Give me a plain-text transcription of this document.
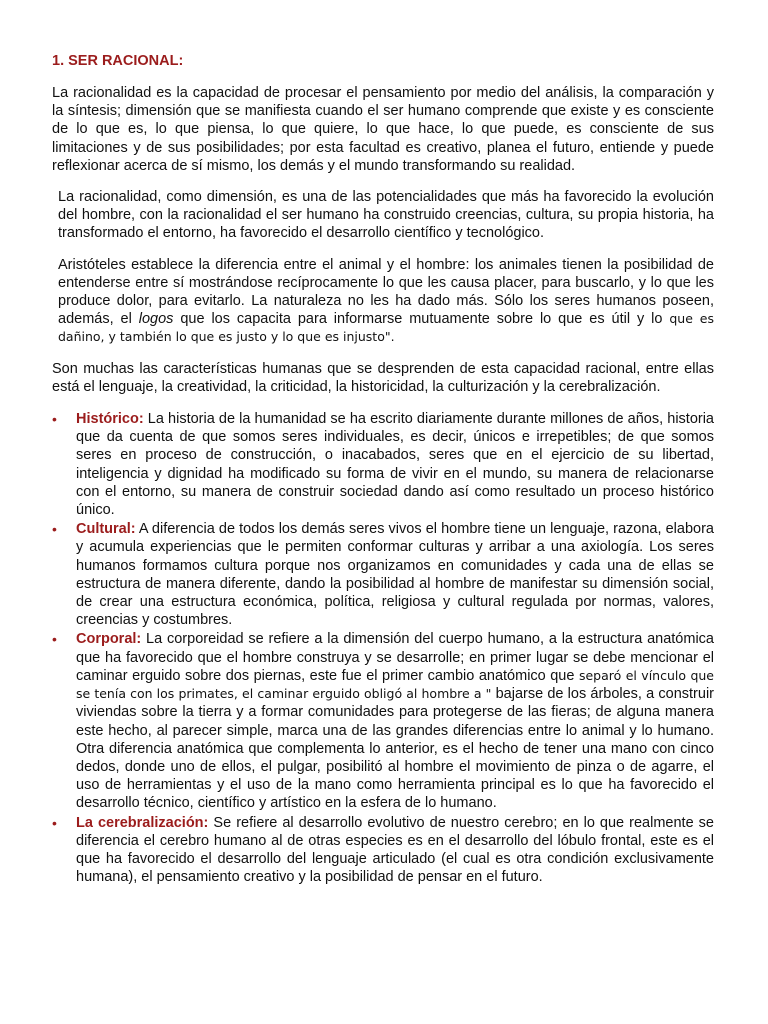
1. SER RACIONAL:

La racionalidad es la capacidad de procesar el pensamiento por medio del análisis, la comparación y la síntesis; dimensión que se manifiesta cuando el ser humano comprende que existe y es consciente de lo que es, lo que piensa, lo que quiere, lo que hace, lo que puede, es consciente de sus limitaciones y de sus posibilidades; por esta facultad es creativo, planea el futuro, entiende y puede reflexionar acerca de sí mismo, los demás y el mundo transformando su realidad.

La racionalidad, como dimensión, es una de las potencialidades que más ha favorecido la evolución del hombre, con la racionalidad el ser humano ha construido creencias, cultura, su propia historia, ha transformado el entorno, ha favorecido el desarrollo científico y tecnológico.

Aristóteles establece la diferencia entre el animal y el hombre: los animales tienen la posibilidad de entenderse entre sí mostrándose recíprocamente lo que les causa placer, para buscarlo, y lo que les produce dolor, para evitarlo. La naturaleza no les ha dado más. Sólo los seres humanos poseen, además, el logos que los capacita para informarse mutuamente sobre lo que es útil y lo que es dañino, y también lo que es justo y lo que es injusto".

Son muchas las características humanas que se desprenden de esta capacidad racional, entre ellas está el lenguaje, la creatividad, la criticidad, la historicidad, la culturización y la cerebralización.

• Histórico: La historia de la humanidad se ha escrito diariamente durante millones de años, historia que da cuenta de que somos seres individuales, es decir, únicos e irrepetibles; de que somos seres en proceso de construcción, o inacabados, seres que en el ejercicio de su libertad, inteligencia y dignidad ha modificado su forma de vivir en el mundo, su manera de relacionarse con el entorno, su manera de construir sociedad dando así como resultado un proceso histórico único.
• Cultural: A diferencia de todos los demás seres vivos el hombre tiene un lenguaje, razona, elabora y acumula experiencias que le permiten conformar culturas y arribar a una axiología. Los seres humanos formamos cultura porque nos organizamos en comunidades y cada una de ellas se estructura de manera diferente, dando la posibilidad al hombre de manifestar su dimensión social, de crear una estructura económica, política, religiosa y cultural regulada por normas, valores, creencias y costumbres.
• Corporal: La corporeidad se refiere a la dimensión del cuerpo humano, a la estructura anatómica que ha favorecido que el hombre construya y se desarrolle; en primer lugar se debe mencionar el caminar erguido sobre dos piernas, este fue el primer cambio anatómico que separó el vínculo que se tenía con los primates, el caminar erguido obligó al hombre a " bajarse de los árboles, a construir viviendas sobre la tierra y a formar comunidades para protegerse de las fieras; de alguna manera este hecho, al parecer simple, marca una de las grandes diferencias entre lo animal y lo humano. Otra diferencia anatómica que complementa lo anterior, es el hecho de tener una mano con cinco dedos, donde uno de ellos, el pulgar, posibilitó al hombre el movimiento de pinza o de agarre, el uso de herramientas y el uso de la mano como herramienta principal es lo que ha favorecido el desarrollo técnico, científico y artístico en la esfera de lo humano.
• La cerebralización: Se refiere al desarrollo evolutivo de nuestro cerebro; en lo que realmente se diferencia el cerebro humano al de otras especies es en el desarrollo del lóbulo frontal, este es el que ha favorecido el desarrollo del lenguaje articulado (el cual es otra condición exclusivamente humana), el pensamiento creativo y la posibilidad de pensar en el futuro.
